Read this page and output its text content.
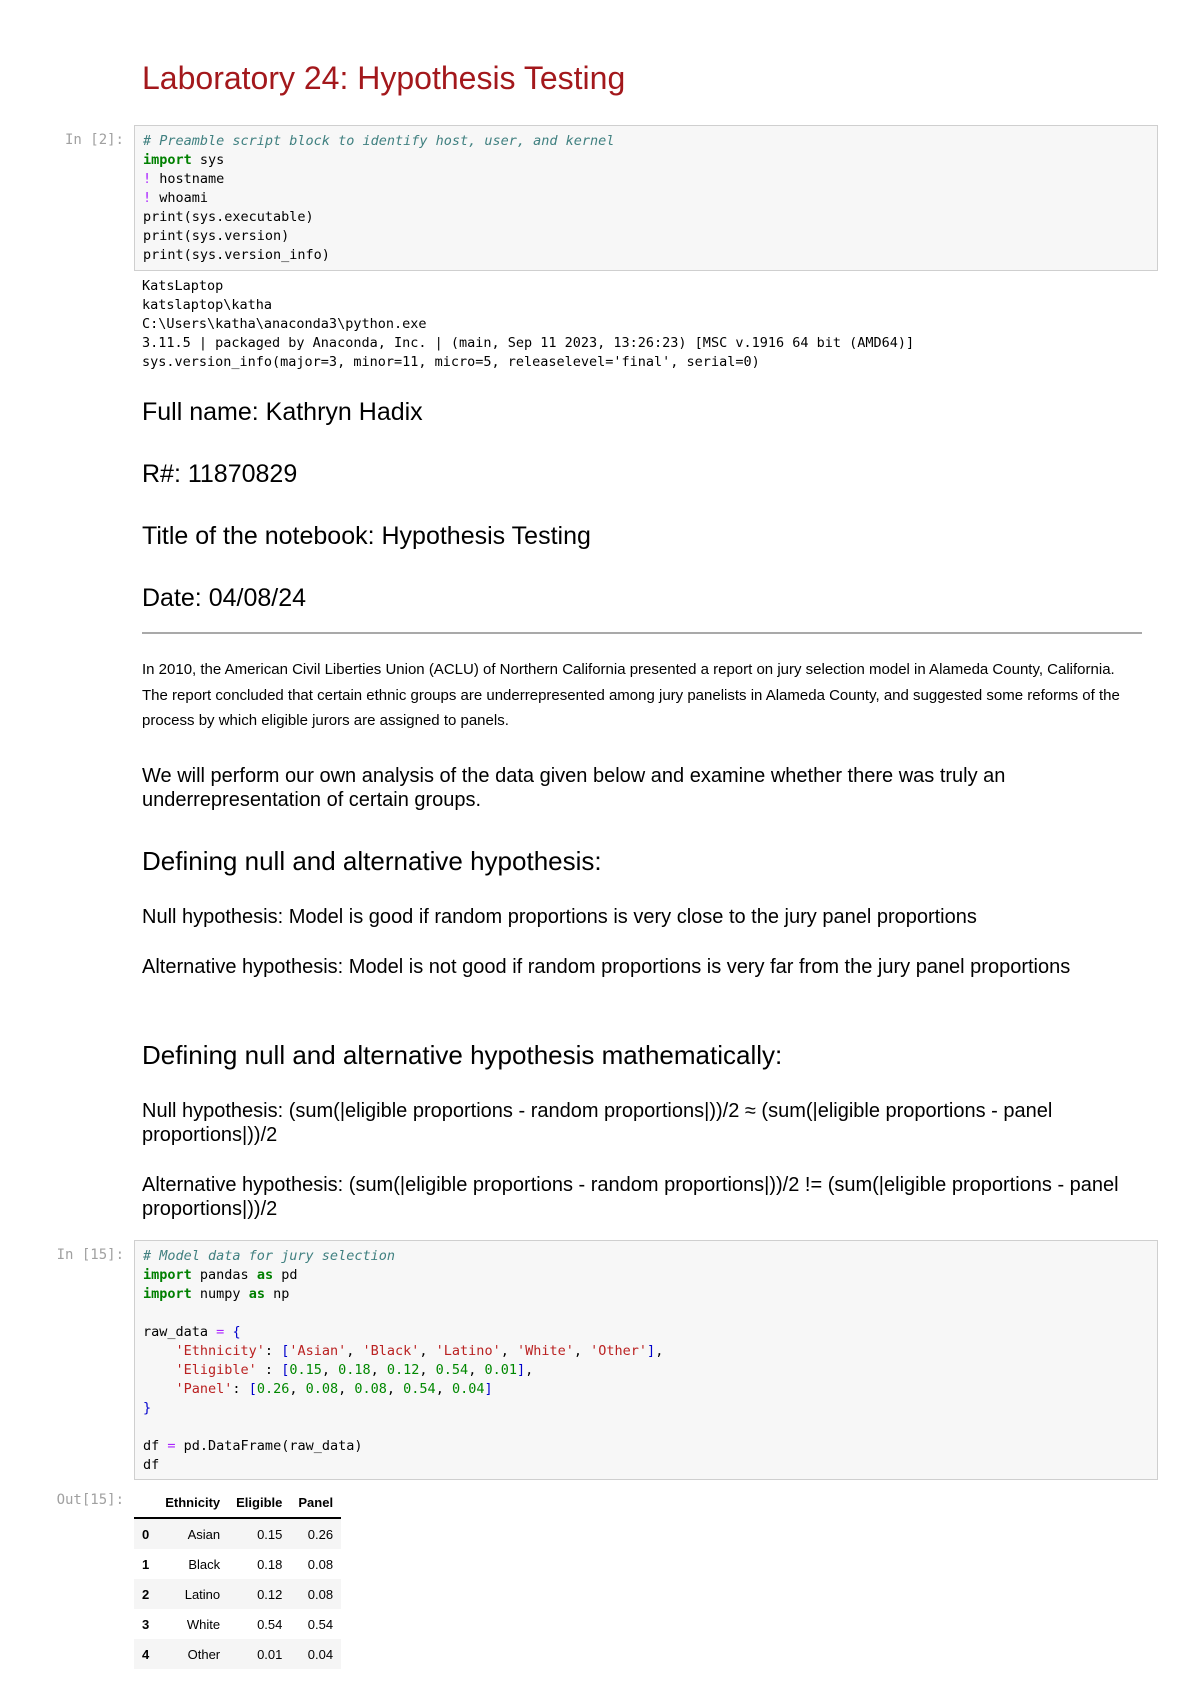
Laboratory 24: Hypothesis Testing
In [2]: # Preamble script block to identify host, user, and kernel
import sys
! hostname
! whoami
print(sys.executable)
print(sys.version)
print(sys.version_info)
KatsLaptop
katslaptop\katha
C:\Users\katha\anaconda3\python.exe
3.11.5 | packaged by Anaconda, Inc. | (main, Sep 11 2023, 13:26:23) [MSC v.1916 64 bit (AMD64)]
sys.version_info(major=3, minor=11, micro=5, releaselevel='final', serial=0)
Full name: Kathryn Hadix
R#: 11870829
Title of the notebook: Hypothesis Testing
Date: 04/08/24

In 2010, the American Civil Liberties Union (ACLU) of Northern California presented a report on jury selection model in Alameda County, California. The report concluded that certain ethnic groups are underrepresented among jury panelists in Alameda County, and suggested some reforms of the process by which eligible jurors are assigned to panels.

We will perform our own analysis of the data given below and examine whether there was truly an underrepresentation of certain groups.

Defining null and alternative hypothesis:

Null hypothesis: Model is good if random proportions is very close to the jury panel proportions

Alternative hypothesis: Model is not good if random proportions is very far from the jury panel proportions

Defining null and alternative hypothesis mathematically:

Null hypothesis: (sum(|eligible proportions - random proportions|))/2 ≈ (sum(|eligible proportions - panel proportions|))/2

Alternative hypothesis: (sum(|eligible proportions - random proportions|))/2 != (sum(|eligible proportions - panel proportions|))/2

In [15]: # Model data for jury selection
import pandas as pd
import numpy as np

raw_data = {
'Ethnicity': ['Asian', 'Black', 'Latino', 'White', 'Other'],
'Eligible' : [0.15, 0.18, 0.12, 0.54, 0.01],
'Panel': [0.26, 0.08, 0.08, 0.54, 0.04]
}

df = pd.DataFrame(raw_data)
df
Out[15]:
		Ethnicity	Eligible	Panel
0	Asian	0.15	0.26
1	Black	0.18	0.08
2	Latino	0.12	0.08
3	White	0.54	0.54
4	Other	0.01	0.04
